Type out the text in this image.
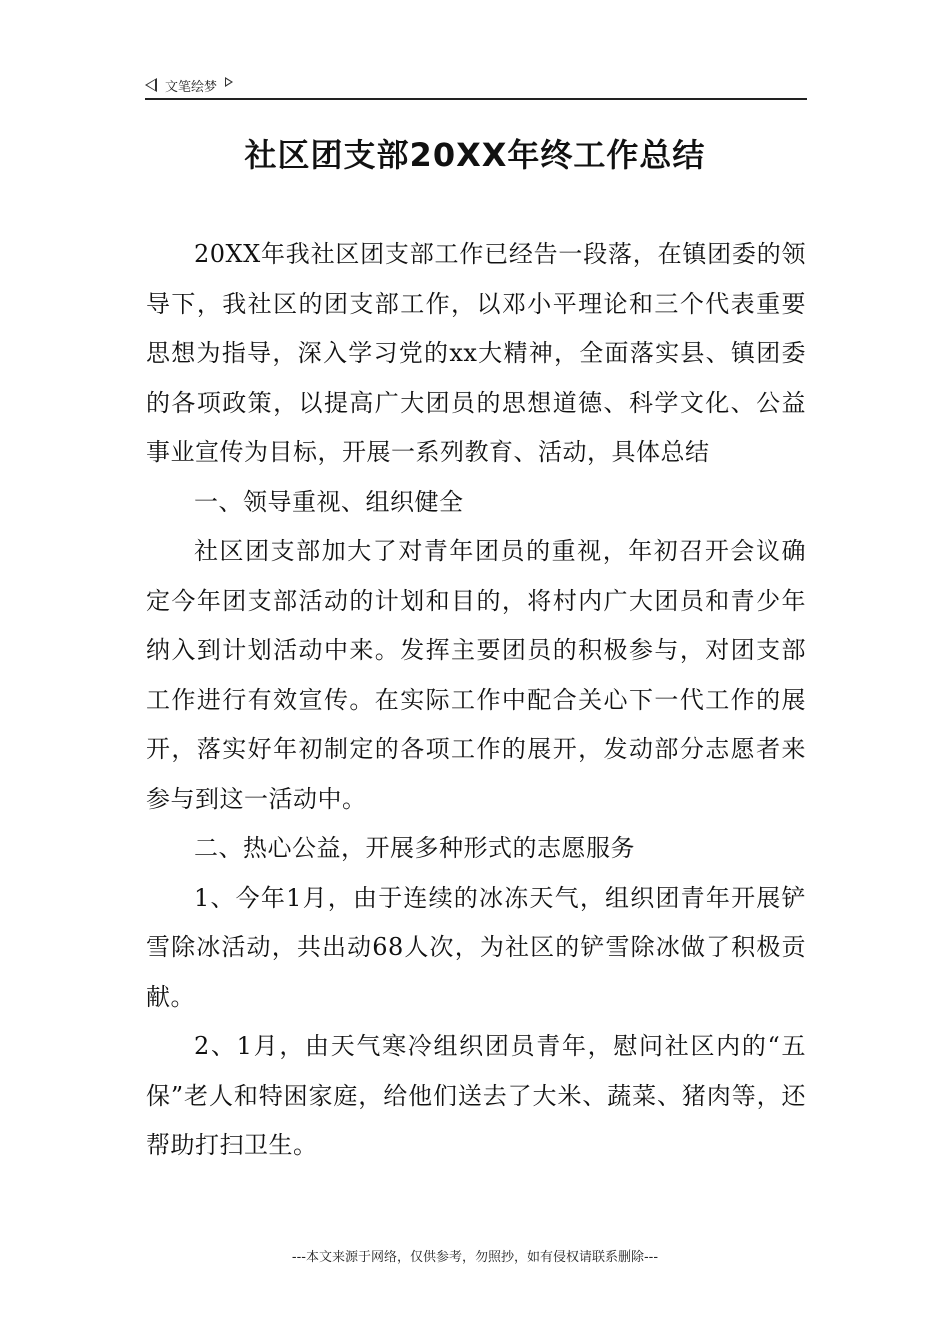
文笔绘梦
社区团支部20XX年终工作总结

20XX年我社区团支部工作已经告一段落，在镇团委的领导下，我社区的团支部工作，以邓小平理论和三个代表重要思想为指导，深入学习党的xx大精神，全面落实县、镇团委的各项政策，以提高广大团员的思想道德、科学文化、公益事业宣传为目标，开展一系列教育、活动，具体总结

一、领导重视、组织健全

社区团支部加大了对青年团员的重视，年初召开会议确定今年团支部活动的计划和目的，将村内广大团员和青少年纳入到计划活动中来。发挥主要团员的积极参与，对团支部工作进行有效宣传。在实际工作中配合关心下一代工作的展开，落实好年初制定的各项工作的展开，发动部分志愿者来参与到这一活动中。

二、热心公益，开展多种形式的志愿服务

1、今年1月，由于连续的冰冻天气，组织团青年开展铲雪除冰活动，共出动68人次，为社区的铲雪除冰做了积极贡献。

2、1月，由天气寒冷组织团员青年，慰问社区内的“五保”老人和特困家庭，给他们送去了大米、蔬菜、猪肉等，还帮助打扫卫生。

---本文来源于网络，仅供参考，勿照抄，如有侵权请联系删除---
